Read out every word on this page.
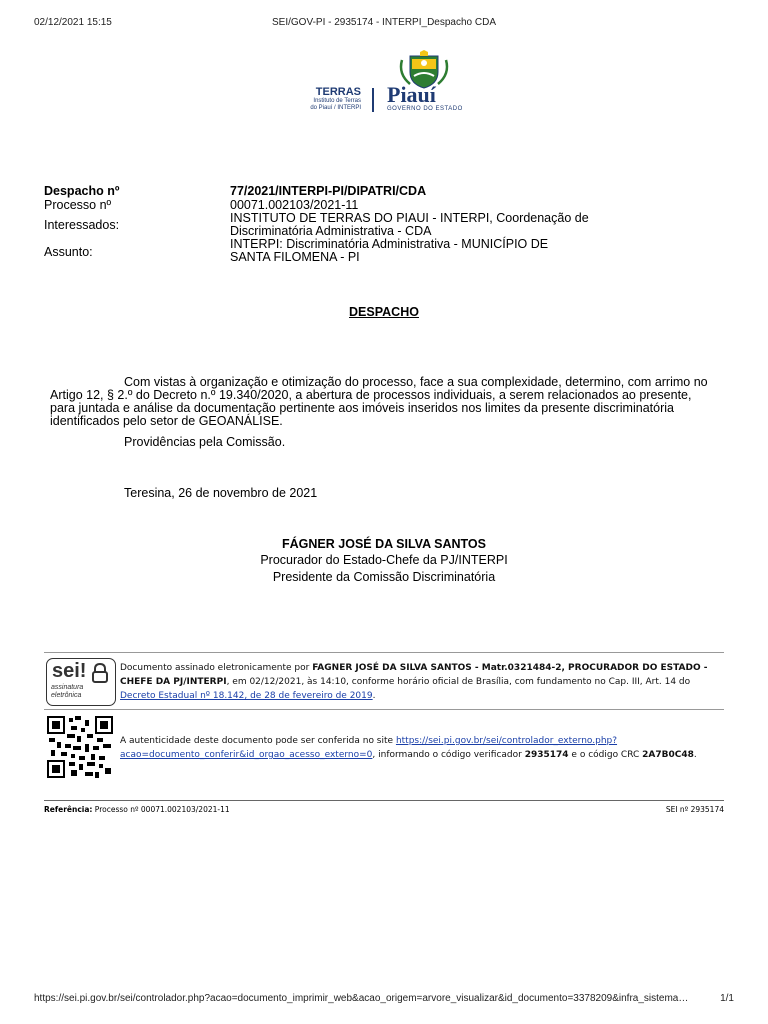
02/12/2021 15:15	SEI/GOV-PI - 2935174 - INTERPI_Despacho CDA
TERRAS
Instituto de Terras
do Piauí / INTERPI
Piauí
GOVERNO DO ESTADO
Despacho nº	77/2021/INTERPI-PI/DIPATRI/CDA
Processo nº	00071.002103/2021-11
Interessados:	INSTITUTO DE TERRAS DO PIAUI - INTERPI, Coordenação de
Discriminatória Administrativa - CDA
Assunto:
INTERPI: Discriminatória Administrativa - MUNICÍPIO DE
SANTA FILOMENA - PI
DESPACHO
Com vistas à organização e otimização do processo, face a sua complexidade, determino, com arrimo no
Artigo 12, § 2.º do Decreto n.º 19.340/2020, a abertura de processos individuais, a serem relacionados ao presente,
para juntada e análise da documentação pertinente aos imóveis inseridos nos limites da presente discriminatória
identificados pelo setor de GEOANÁLISE.
Providências pela Comissão.
Teresina, 26 de novembro de 2021
FÁGNER JOSÉ DA SILVA SANTOS
Procurador do Estado-Chefe da PJ/INTERPI
Presidente da Comissão Discriminatória
sei!
assinatura
eletrônica
Documento assinado eletronicamente por FAGNER JOSÉ DA SILVA SANTOS - Matr.0321484-2, PROCURADOR DO ESTADO -
CHEFE DA PJ/INTERPI, em 02/12/2021, às 14:10, conforme horário oficial de Brasília, com fundamento no Cap. III, Art. 14 do
Decreto Estadual nº 18.142, de 28 de fevereiro de 2019.
A autenticidade deste documento pode ser conferida no site https://sei.pi.gov.br/sei/controlador_externo.php?
acao=documento_conferir&id_orgao_acesso_externo=0, informando o código verificador 2935174 e o código CRC 2A7B0C48.
Referência: Processo nº 00071.002103/2021-11	SEI nº 2935174
https://sei.pi.gov.br/sei/controlador.php?acao=documento_imprimir_web&acao_origem=arvore_visualizar&id_documento=3378209&infra_sistema…	1/1
